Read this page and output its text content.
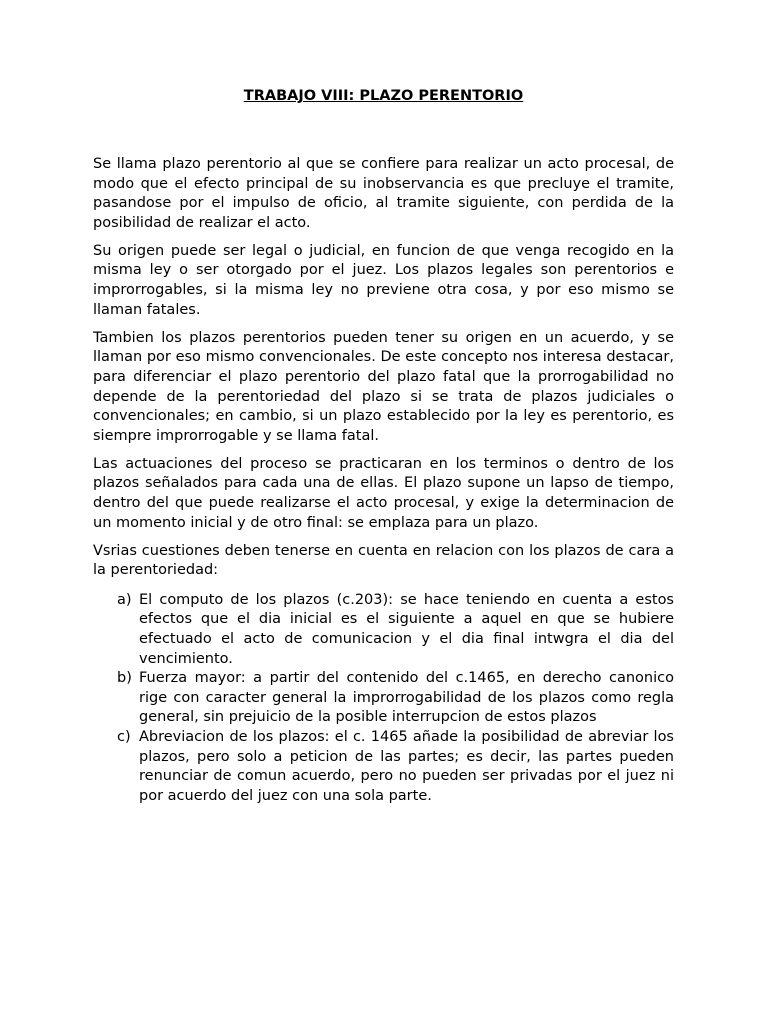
TRABAJO VIII: PLAZO PERENTORIO

Se llama plazo perentorio al que se confiere para realizar un acto procesal, de modo que el efecto principal de su inobservancia es que precluye el tramite, pasandose por el impulso de oficio, al tramite siguiente, con perdida de la posibilidad de realizar el acto.

Su origen puede ser legal o judicial, en funcion de que venga recogido en la misma ley o ser otorgado por el juez. Los plazos legales son perentorios e improrrogables, si la misma ley no previene otra cosa, y por eso mismo se llaman fatales.

Tambien los plazos perentorios pueden tener su origen en un acuerdo, y se llaman por eso mismo convencionales. De este concepto nos interesa destacar, para diferenciar el plazo perentorio del plazo fatal que la prorrogabilidad no depende de la perentoriedad del plazo si se trata de plazos judiciales o convencionales; en cambio, si un plazo establecido por la ley es perentorio, es siempre improrrogable y se llama fatal.

Las actuaciones del proceso se practicaran en los terminos o dentro de los plazos señalados para cada una de ellas. El plazo supone un lapso de tiempo, dentro del que puede realizarse el acto procesal, y exige la determinacion de un momento inicial y de otro final: se emplaza para un plazo.

Vsrias cuestiones deben tenerse en cuenta en relacion con los plazos de cara a la perentoriedad:

a) El computo de los plazos (c.203): se hace teniendo en cuenta a estos efectos que el dia inicial es el siguiente a aquel en que se hubiere efectuado el acto de comunicacion y el dia final intwgra el dia del vencimiento.
b) Fuerza mayor: a partir del contenido del c.1465, en derecho canonico rige con caracter general la improrrogabilidad de los plazos como regla general, sin prejuicio de la posible interrupcion de estos plazos
c) Abreviacion de los plazos: el c. 1465 añade la posibilidad de abreviar los plazos, pero solo a peticion de las partes; es decir, las partes pueden renunciar de comun acuerdo, pero no pueden ser privadas por el juez ni por acuerdo del juez con una sola parte.
